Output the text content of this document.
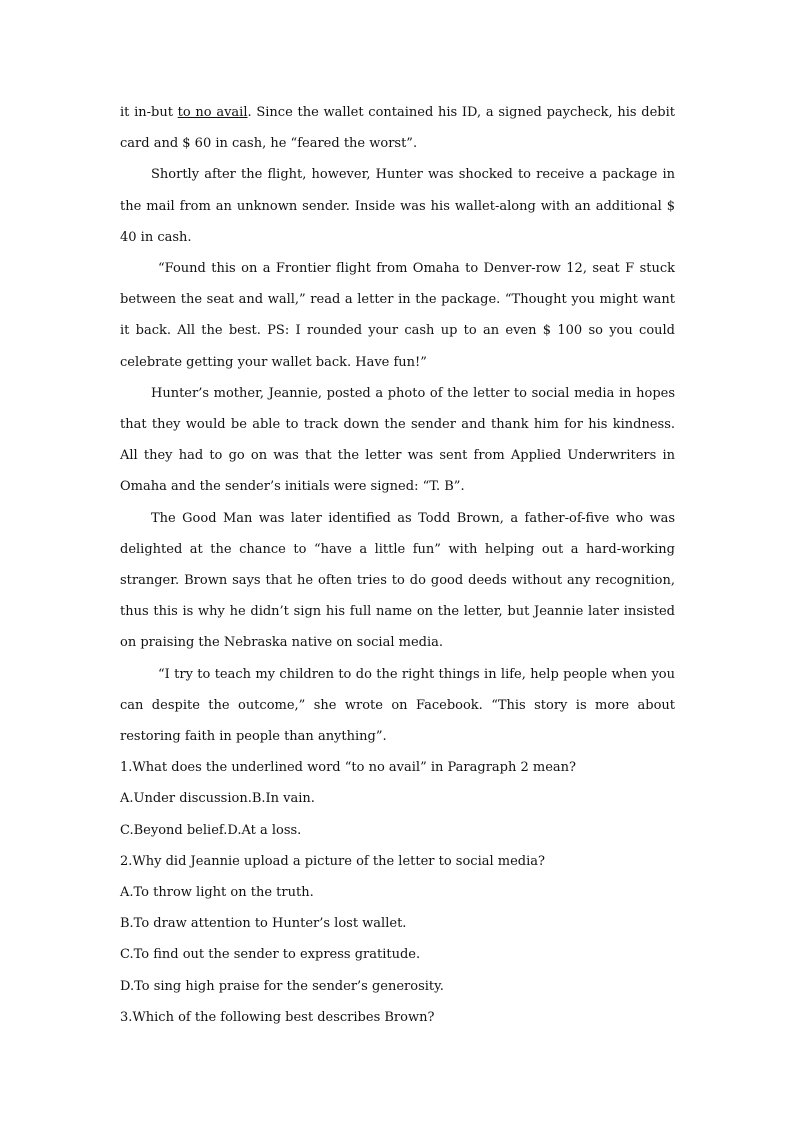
it in-but to no avail. Since the wallet contained his ID, a signed paycheck, his debit card and $ 60 in cash, he “feared the worst”.

Shortly after the flight, however, Hunter was shocked to receive a package in the mail from an unknown sender. Inside was his wallet-along with an additional $ 40 in cash.

“Found this on a Frontier flight from Omaha to Denver-row 12, seat F stuck between the seat and wall,” read a letter in the package. “Thought you might want it back. All the best. PS: I rounded your cash up to an even $ 100 so you could celebrate getting your wallet back. Have fun!”

Hunter’s mother, Jeannie, posted a photo of the letter to social media in hopes that they would be able to track down the sender and thank him for his kindness. All they had to go on was that the letter was sent from Applied Underwriters in Omaha and the sender’s initials were signed: “T. B”.

The Good Man was later identified as Todd Brown, a father-of-five who was delighted at the chance to “have a little fun” with helping out a hard-working stranger. Brown says that he often tries to do good deeds without any recognition, thus this is why he didn’t sign his full name on the letter, but Jeannie later insisted on praising the Nebraska native on social media.

“I try to teach my children to do the right things in life, help people when you can despite the outcome,” she wrote on Facebook. “This story is more about restoring faith in people than anything”.

1.What does the underlined word “to no avail” in Paragraph 2 mean?

A.Under discussion.B.In vain.

C.Beyond belief.D.At a loss.

2.Why did Jeannie upload a picture of the letter to social media?

A.To throw light on the truth.

B.To draw attention to Hunter’s lost wallet.

C.To find out the sender to express gratitude.

D.To sing high praise for the sender’s generosity.

3.Which of the following best describes Brown?
